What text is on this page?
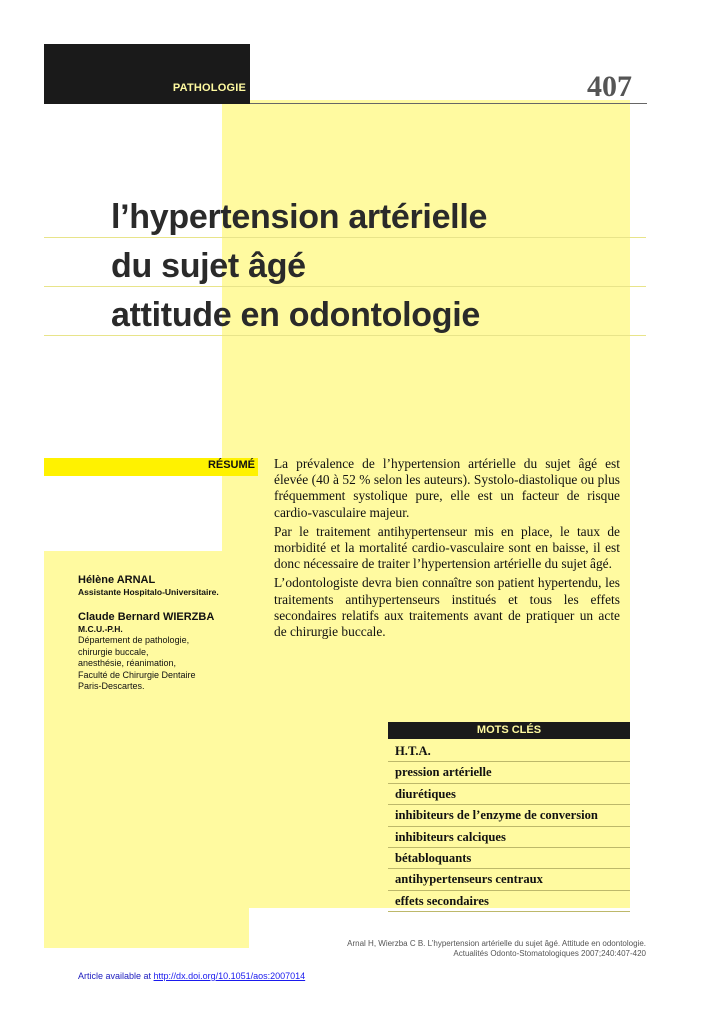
PATHOLOGIE	407
l’hypertension artérielle
du sujet âgé
attitude en odontologie
RÉSUMÉ La prévalence de l’hypertension artérielle du sujet âgé est élevée (40 à 52 % selon les auteurs). Systolo-diastolique ou plus fréquemment systolique pure, elle est un facteur de risque cardio-vasculaire majeur.

Par le traitement antihypertenseur mis en place, le taux de morbidité et la mortalité cardio-vasculaire sont en baisse, il est donc nécessaire de traiter l’hypertension artérielle du sujet âgé.

L’odontologiste devra bien connaître son patient hypertendu, les traitements antihypertenseurs institués et tous les effets secondaires relatifs aux traitements avant de pratiquer un acte de chirurgie buccale.

Hélène ARNAL
Assistante Hospitalo-Universitaire.
Claude Bernard WIERZBA
M.C.U.-P.H.
Département de pathologie,
chirurgie buccale,
anesthésie, réanimation,
Faculté de Chirurgie Dentaire
Paris-Descartes.
MOTS CLÉS
H.T.A.
pression artérielle
diurétiques
inhibiteurs de l’enzyme de conversion
inhibiteurs calciques
bétabloquants
antihypertenseurs centraux
effets secondaires
Arnal H, Wierzba C B. L’hypertension artérielle du sujet âgé. Attitude en odontologie.
Actualités Odonto-Stomatologiques 2007;240:407-420
Article available at http://dx.doi.org/10.1051/aos:2007014
